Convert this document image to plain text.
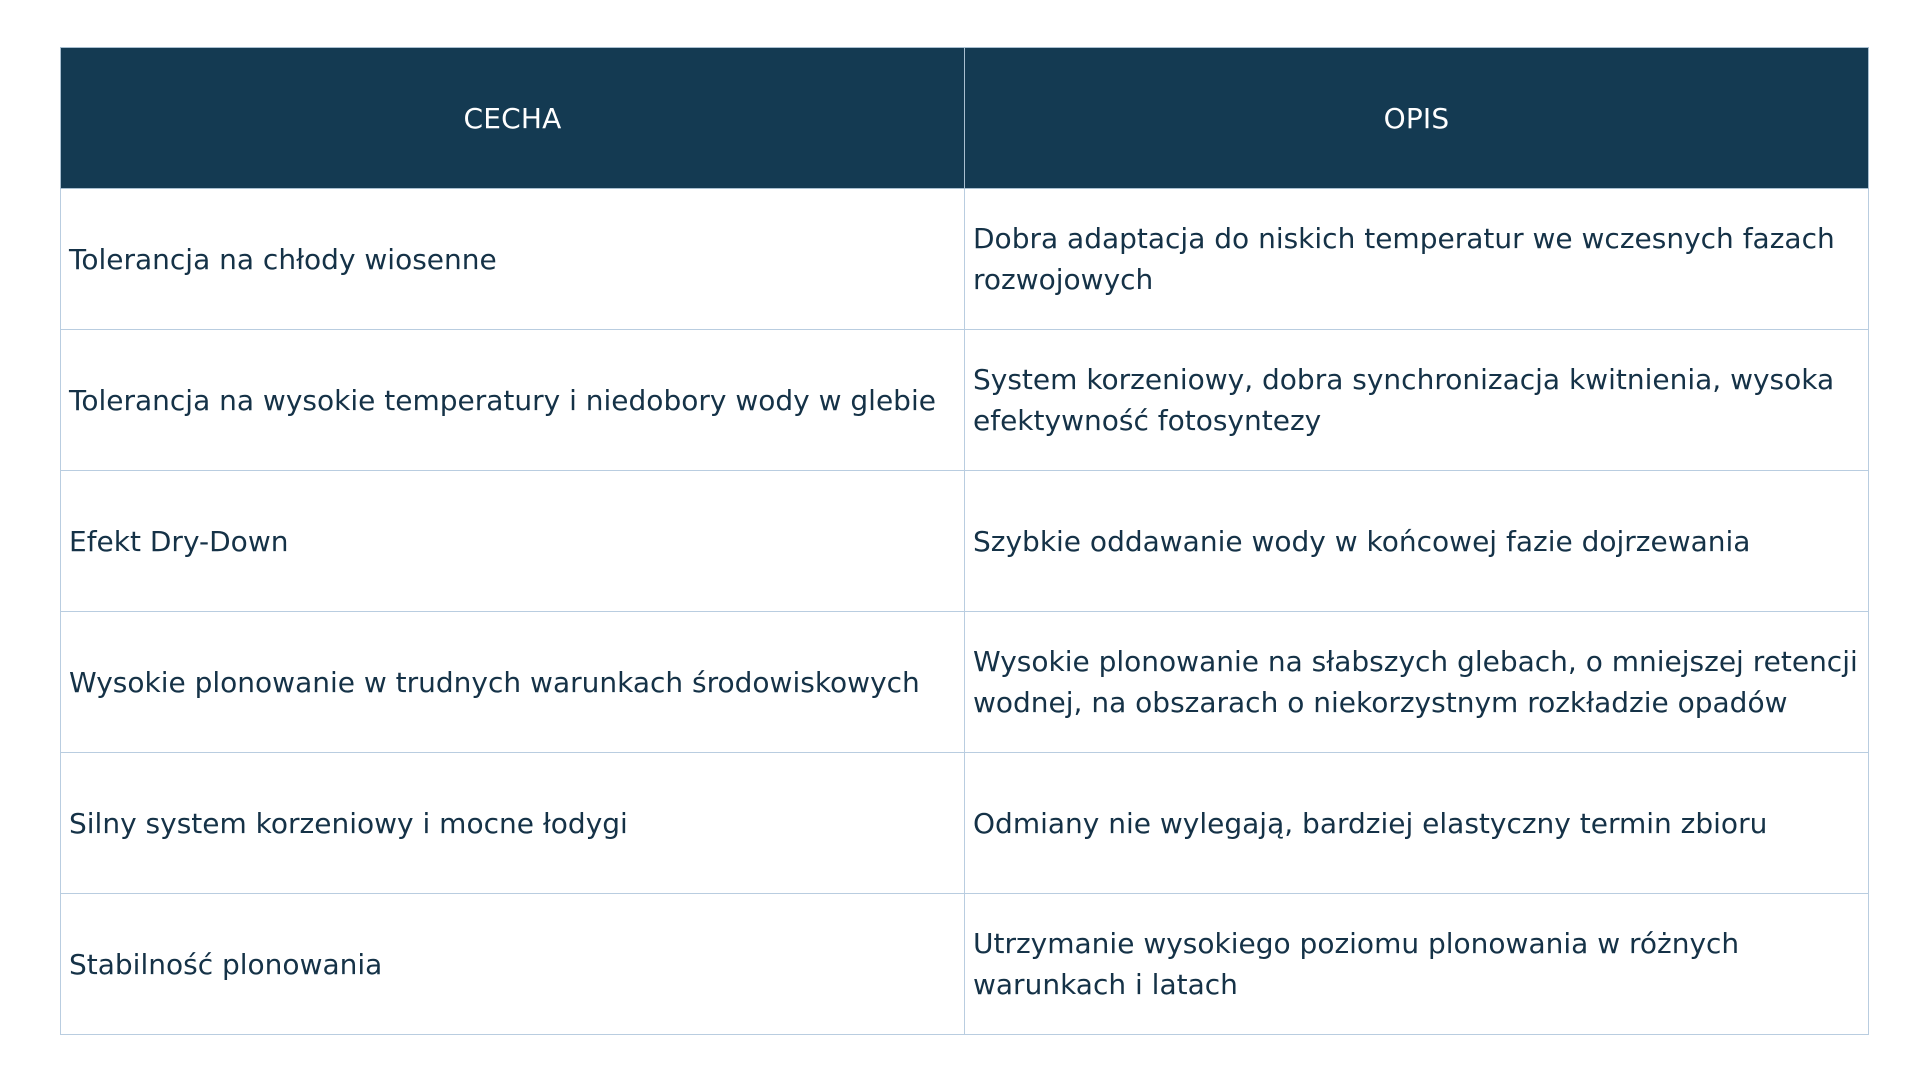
CECHA	OPIS
Tolerancja na chłody wiosenne	Dobra adaptacja do niskich temperatur we wczesnych fazach rozwojowych
Tolerancja na wysokie temperatury i niedobory wody w glebie	System korzeniowy, dobra synchronizacja kwitnienia, wysoka efektywność fotosyntezy
Efekt Dry-Down	Szybkie oddawanie wody w końcowej fazie dojrzewania
Wysokie plonowanie w trudnych warunkach środowiskowych	Wysokie plonowanie na słabszych glebach, o mniejszej retencji wodnej, na obszarach o niekorzystnym rozkładzie opadów
Silny system korzeniowy i mocne łodygi	Odmiany nie wylegają, bardziej elastyczny termin zbioru
Stabilność plonowania	Utrzymanie wysokiego poziomu plonowania w różnych warunkach i latach
